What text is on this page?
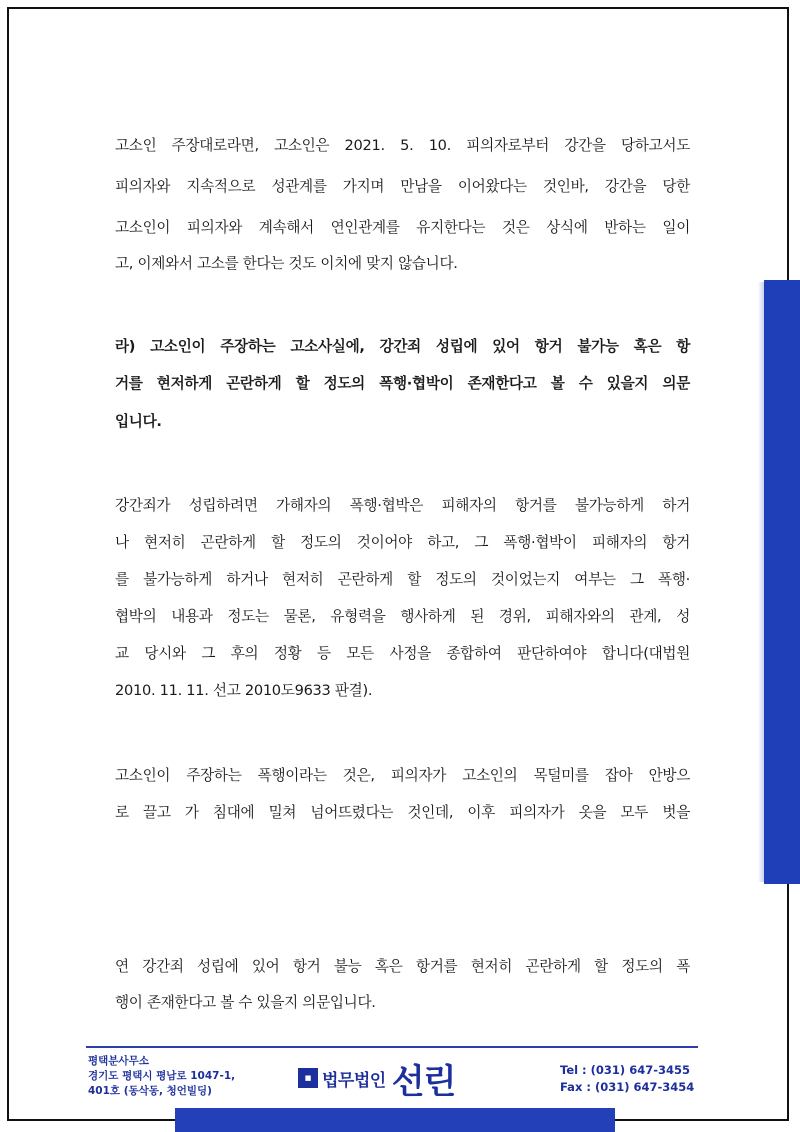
고소인 주장대로라면, 고소인은 2021. 5. 10. 피의자로부터 강간을 당하고서도
피의자와 지속적으로 성관계를 가지며 만남을 이어왔다는 것인바, 강간을 당한
고소인이 피의자와 계속해서 연인관계를 유지한다는 것은 상식에 반하는 일이
고, 이제와서 고소를 한다는 것도 이치에 맞지 않습니다.
라) 고소인이 주장하는 고소사실에, 강간죄 성립에 있어 항거 불가능 혹은 항
거를 현저하게 곤란하게 할 정도의 폭행·협박이 존재한다고 볼 수 있을지 의문
입니다.
강간죄가 성립하려면 가해자의 폭행·협박은 피해자의 항거를 불가능하게 하거
나 현저히 곤란하게 할 정도의 것이어야 하고, 그 폭행·협박이 피해자의 항거
를 불가능하게 하거나 현저히 곤란하게 할 정도의 것이었는지 여부는 그 폭행·
협박의 내용과 정도는 물론, 유형력을 행사하게 된 경위, 피해자와의 관계, 성
교 당시와 그 후의 정황 등 모든 사정을 종합하여 판단하여야 합니다(대법원
2010. 11. 11. 선고 2010도9633 판결).
고소인이 주장하는 폭행이라는 것은, 피의자가 고소인의 목덜미를 잡아 안방으
로 끌고 가 침대에 밀쳐 넘어뜨렸다는 것인데, 이후 피의자가 옷을 모두 벗을
연 강간죄 성립에 있어 항거 불능 혹은 항거를 현저히 곤란하게 할 정도의 폭
행이 존재한다고 볼 수 있을지 의문입니다.
평택분사무소
경기도 평택시 평남로 1047-1,
401호 (동삭동, 청언빌딩)
■ 법무법인 선린	Tel : (031) 647-3455
Fax : (031) 647-3454
